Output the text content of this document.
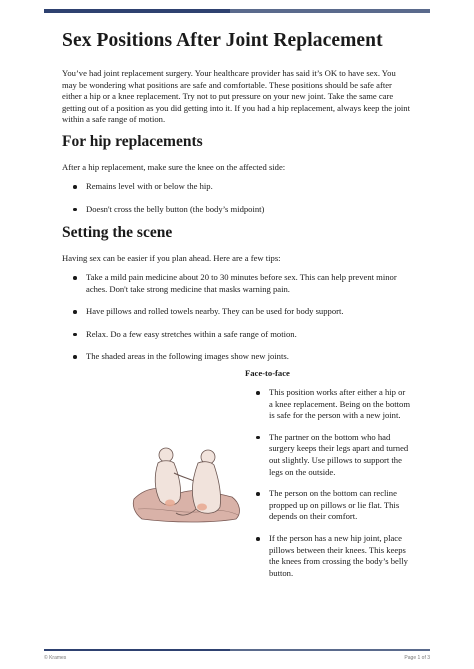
Sex Positions After Joint Replacement

You’ve had joint replacement surgery. Your healthcare provider has said it’s OK to have sex. You may be wondering what positions are safe and comfortable. These positions should be safe after either a hip or a knee replacement. Try not to put pressure on your new joint. Take the same care getting out of a position as you did getting into it. If you had a hip replacement, always keep the joint within a safe range of motion.

For hip replacements

After a hip replacement, make sure the knee on the affected side:

Remains level with or below the hip.
Doesn't cross the belly button (the body’s midpoint)
Setting the scene

Having sex can be easier if you plan ahead. Here are a few tips:

Take a mild pain medicine about 20 to 30 minutes before sex. This can help prevent minor aches. Don't take strong medicine that masks warning pain.
Have pillows and rolled towels nearby. They can be used for body support.
Relax. Do a few easy stretches within a safe range of motion.
The shaded areas in the following images show new joints.
Face-to-face
This position works after either a hip or a knee replacement. Being on the bottom is safe for the person with a new joint.
The partner on the bottom who had surgery keeps their legs apart and turned out slightly. Use pillows to support the legs on the outside.
The person on the bottom can recline propped up on pillows or lie flat. This depends on their comfort.
If the person has a new hip joint, place pillows between their knees. This keeps the knees from crossing the body’s belly button.
© Krames	Page 1 of 3
